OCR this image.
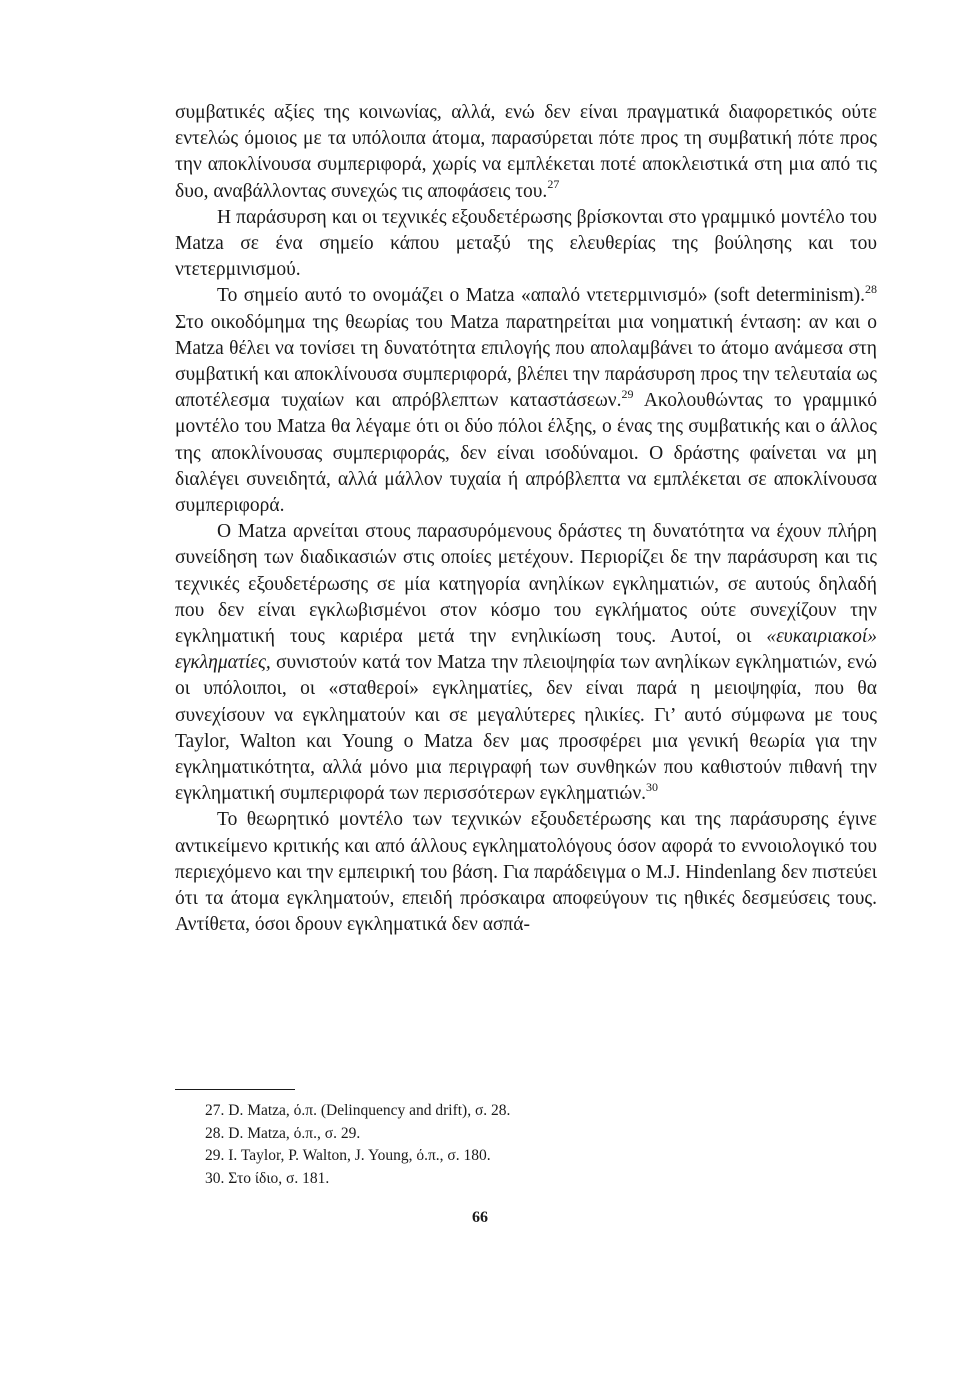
συμβατικές αξίες της κοινωνίας, αλλά, ενώ δεν είναι πραγματικά διαφορετικός ούτε εντελώς όμοιος με τα υπόλοιπα άτομα, παρασύρεται πότε προς τη συμβατική πότε προς την αποκλίνουσα συμπεριφορά, χωρίς να εμπλέκεται ποτέ αποκλειστικά στη μια από τις δυο, αναβάλλοντας συνεχώς τις αποφάσεις του.$^{27}$

Η παράσυρση και οι τεχνικές εξουδετέρωσης βρίσκονται στο γραμμικό μοντέλο του Matza σε ένα σημείο κάπου μεταξύ της ελευθερίας της βούλησης και του ντετερμινισμού.

Το σημείο αυτό το ονομάζει ο Matza «απαλό ντετερμινισμό» (soft determinism).$^{28}$ Στο οικοδόμημα της θεωρίας του Matza παρατηρείται μια νοηματική ένταση: αν και ο Matza θέλει να τονίσει τη δυνατότητα επιλογής που απολαμβάνει το άτομο ανάμεσα στη συμβατική και αποκλίνουσα συμπεριφορά, βλέπει την παράσυρση προς την τελευταία ως αποτέλεσμα τυχαίων και απρόβλεπτων καταστάσεων.$^{29}$ Ακολουθώντας το γραμμικό μοντέλο του Matza θα λέγαμε ότι οι δύο πόλοι έλξης, ο ένας της συμβατικής και ο άλλος της αποκλίνουσας συμπεριφοράς, δεν είναι ισοδύναμοι. Ο δράστης φαίνεται να μη διαλέγει συνειδητά, αλλά μάλλον τυχαία ή απρόβλεπτα να εμπλέκεται σε αποκλίνουσα συμπεριφορά.

Ο Matza αρνείται στους παρασυρόμενους δράστες τη δυνατότητα να έχουν πλήρη συνείδηση των διαδικασιών στις οποίες μετέχουν. Περιορίζει δε την παράσυρση και τις τεχνικές εξουδετέρωσης σε μία κατηγορία ανηλίκων εγκληματιών, σε αυτούς δηλαδή που δεν είναι εγκλωβισμένοι στον κόσμο του εγκλήματος ούτε συνεχίζουν την εγκληματική τους καριέρα μετά την ενηλικίωση τους. Αυτοί, οι «ευκαιριακοί» εγκληματίες, συνιστούν κατά τον Matza την πλειοψηφία των ανηλίκων εγκληματιών, ενώ οι υπόλοιποι, οι «σταθεροί» εγκληματίες, δεν είναι παρά η μειοψηφία, που θα συνεχίσουν να εγκληματούν και σε μεγαλύτερες ηλικίες. Γι’ αυτό σύμφωνα με τους Taylor, Walton και Young ο Matza δεν μας προσφέρει μια γενική θεωρία για την εγκληματικότητα, αλλά μόνο μια περιγραφή των συνθηκών που καθιστούν πιθανή την εγκληματική συμπεριφορά των περισσότερων εγκληματιών.$^{30}$

Το θεωρητικό μοντέλο των τεχνικών εξουδετέρωσης και της παράσυρσης έγινε αντικείμενο κριτικής και από άλλους εγκληματολόγους όσον αφορά το εννοιολογικό του περιεχόμενο και την εμπειρική του βάση. Για παράδειγμα ο M.J. Hindenlang δεν πιστεύει ότι τα άτομα εγκληματούν, επειδή πρόσκαιρα αποφεύγουν τις ηθικές δεσμεύσεις τους. Αντίθετα, όσοι δρουν εγκληματικά δεν ασπά-

27. D. Matza, ό.π. (Delinquency and drift), σ. 28.

28. D. Matza, ό.π., σ. 29.

29. I. Taylor, P. Walton, J. Young, ό.π., σ. 180.

30. Στο ίδιο, σ. 181.

66
